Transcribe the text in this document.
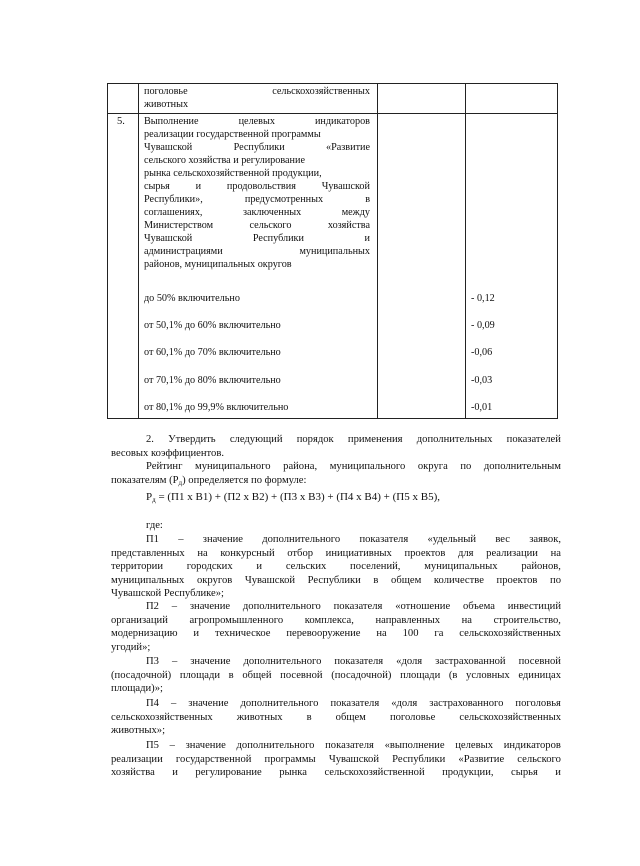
поголовье	сельскохозяйственных
животных
5. Выполнение	целевых	индикаторов
реализации государственной программы
Чувашской	Республики	«Развитие
сельского хозяйства и регулирование
рынка сельскохозяйственной продукции,
сырья	и	продовольствия	Чувашской
Республики»,	предусмотренных	в
соглашениях,	заключенных	между
Министерством	сельского	хозяйства
Чувашской	Республики	и
администрациями	муниципальных
районов, муниципальных округов
до 50% включительно	- 0,12
от 50,1% до 60% включительно	- 0,09
от 60,1% до 70% включительно	-0,06
от 70,1% до 80% включительно	-0,03
от 80,1% до 99,9% включительно	-0,01
2. Утвердить следующий порядок применения дополнительных показателей
весовых коэффициентов.
Рейтинг муниципального района, муниципального округа по дополнительным
показателям $(Р_д)$ определяется по формуле:
$Р_д = (П1$ х В1) + (П2 х В2) + (П3 х В3) + (П4 х В4) + (П5 х В5),
где:
П1 – значение дополнительного показателя «удельный вес заявок,
представленных на конкурсный отбор инициативных проектов для реализации на
территории городских и сельских поселений, муниципальных районов,
муниципальных округов Чувашской Республики в общем количестве проектов по
Чувашской Республике»;
П2 – значение дополнительного показателя «отношение объема инвестиций
организаций агропромышленного комплекса, направленных на строительство,
модернизацию и техническое перевооружение на 100 га сельскохозяйственных
угодий»;
П3 – значение дополнительного показателя «доля застрахованной посевной
(посадочной) площади в общей посевной (посадочной) площади (в условных единицах
площади)»;
П4 – значение дополнительного показателя «доля застрахованного поголовья
сельскохозяйственных животных в общем поголовье сельскохозяйственных
животных»;
П5 – значение дополнительного показателя «выполнение целевых индикаторов
реализации государственной программы Чувашской Республики «Развитие сельского
хозяйства и регулирование рынка сельскохозяйственной продукции, сырья и
